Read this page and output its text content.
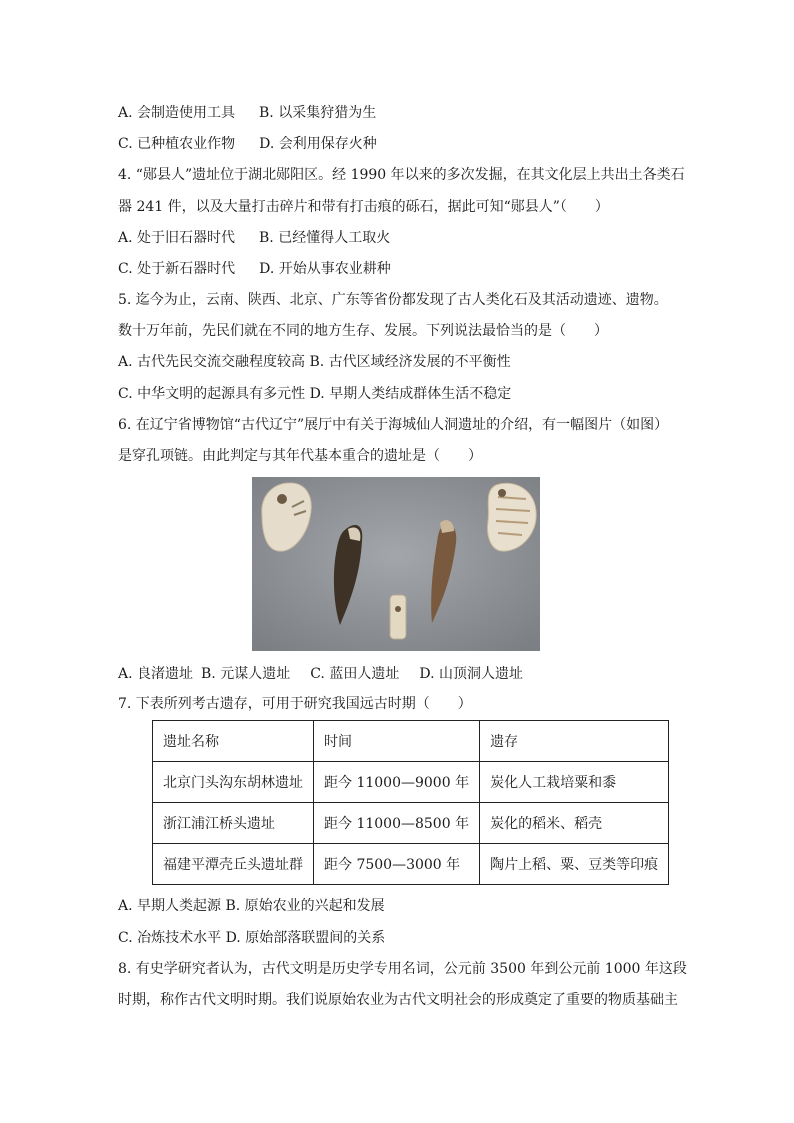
A. 会制造使用工具 B. 以采集狩猎为生
C. 已种植农业作物 D. 会利用保存火种
4. “郧县人”遗址位于湖北郧阳区。经 1990 年以来的多次发掘，在其文化层上共出土各类石
器 241 件，以及大量打击碎片和带有打击痕的砾石，据此可知“郧县人”（　　）
A. 处于旧石器时代 B. 已经懂得人工取火
C. 处于新石器时代 D. 开始从事农业耕种
5. 迄今为止，云南、陕西、北京、广东等省份都发现了古人类化石及其活动遗迹、遗物。
数十万年前，先民们就在不同的地方生存、发展。下列说法最恰当的是（　　）
A. 古代先民交流交融程度较高 B. 古代区域经济发展的不平衡性
C. 中华文明的起源具有多元性 D. 早期人类结成群体生活不稳定
6. 在辽宁省博物馆“古代辽宁”展厅中有关于海城仙人洞遗址的介绍，有一幅图片（如图）
是穿孔项链。由此判定与其年代基本重合的遗址是（　　）
A. 良渚遗址 B. 元谋人遗址 C. 蓝田人遗址 D. 山顶洞人遗址
7. 下表所列考古遗存，可用于研究我国远古时期（　　）
遗址名称	时间	遗存
北京门头沟东胡林遗址	距今 11000—9000 年	炭化人工栽培粟和黍
浙江浦江桥头遗址	距今 11000—8500 年	炭化的稻米、稻壳
福建平潭壳丘头遗址群	距今 7500—3000 年	陶片上稻、粟、豆类等印痕
A. 早期人类起源 B. 原始农业的兴起和发展
C. 冶炼技术水平 D. 原始部落联盟间的关系
8. 有史学研究者认为，古代文明是历史学专用名词，公元前 3500 年到公元前 1000 年这段
时期，称作古代文明时期。我们说原始农业为古代文明社会的形成奠定了重要的物质基础主
